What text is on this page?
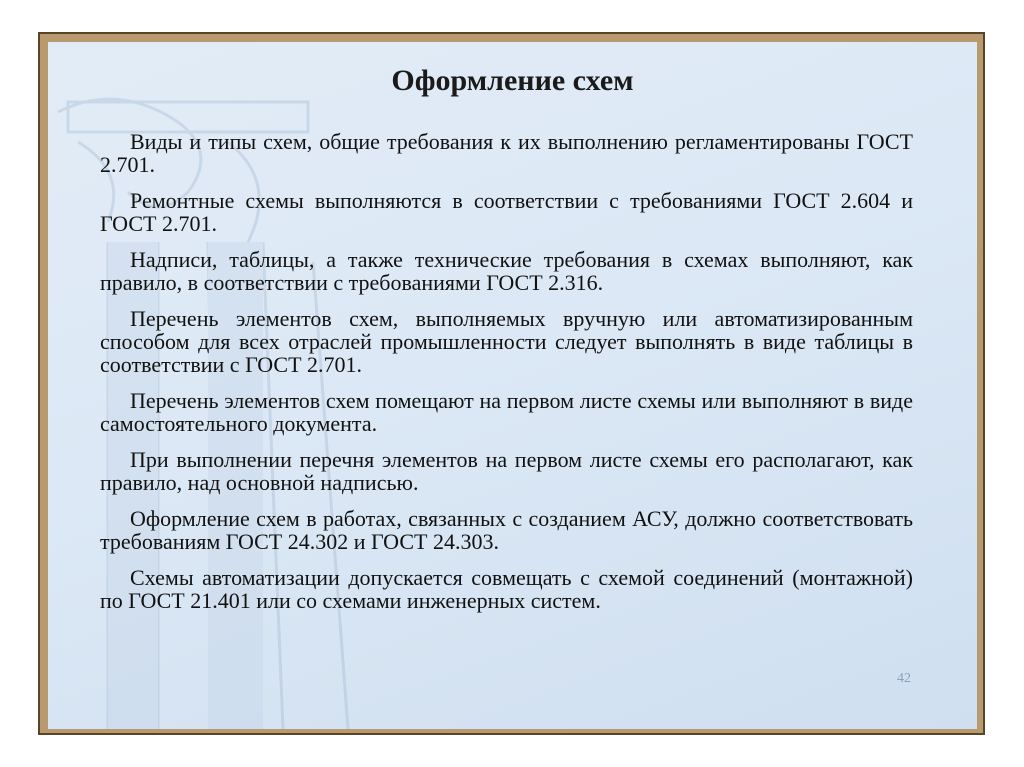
Оформление схем

Виды и типы схем, общие требования к их выполнению регламентированы ГОСТ 2.701.

Ремонтные схемы выполняются в соответствии с требованиями ГОСТ 2.604 и ГОСТ 2.701.

Надписи, таблицы, а также технические требования в схемах выполняют, как правило, в соответствии с требованиями ГОСТ 2.316.

Перечень элементов схем, выполняемых вручную или автоматизированным способом для всех отраслей промышленности следует выполнять в виде таблицы в соответствии с ГОСТ 2.701.

Перечень элементов схем помещают на первом листе схемы или выполняют в виде самостоятельного документа.

При выполнении перечня элементов на первом листе схемы его располагают, как правило, над основной надписью.

Оформление схем в работах, связанных с созданием АСУ, должно соответствовать требованиям ГОСТ 24.302 и ГОСТ 24.303.

Схемы автоматизации допускается совмещать с схемой соединений (монтажной) по ГОСТ 21.401 или со схемами инженерных систем.

42
